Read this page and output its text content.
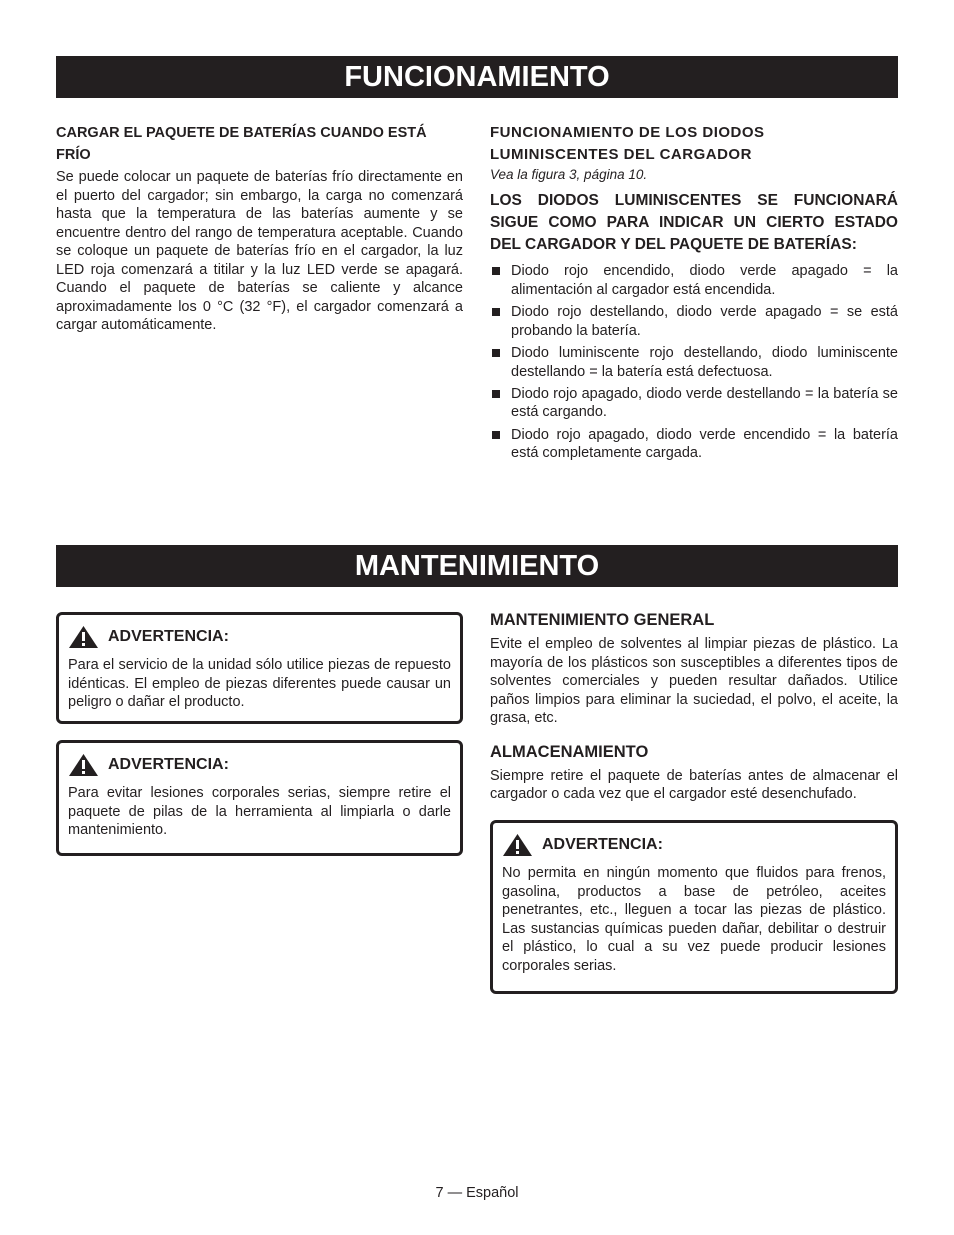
FUNCIONAMIENTO

CARGAR EL PAQUETE DE BATERÍAS CUANDO ESTÁ FRÍO

Se puede colocar un paquete de baterías frío directamente en el puerto del cargador; sin embargo, la carga no comenzará hasta que la temperatura de las baterías aumente y se encuentre dentro del rango de temperatura aceptable. Cuando se coloque un paquete de baterías frío en el cargador, la luz LED roja comenzará a titilar y la luz LED verde se apagará. Cuando el paquete de baterías se caliente y alcance aproximadamente los 0 °C (32 °F), el cargador comenzará a cargar automáticamente.

FUNCIONAMIENTO DE LOS DIODOS LUMINISCENTES DEL CARGADOR

Vea la figura 3, página 10.

LOS DIODOS LUMINISCENTES SE FUNCIONARÁ SIGUE COMO PARA INDICAR UN CIERTO ESTADO DEL CARGADOR Y DEL PAQUETE DE BATERÍAS:

Diodo rojo encendido, diodo verde apagado = la alimentación al cargador está encendida.
Diodo rojo destellando, diodo verde apagado = se está probando la batería.
Diodo luminiscente rojo destellando, diodo luminiscente destellando = la batería está defectuosa.
Diodo rojo apagado, diodo verde destellando = la batería se está cargando.
Diodo rojo apagado, diodo verde encendido = la batería está completamente cargada.
MANTENIMIENTO
ADVERTENCIA:

Para el servicio de la unidad sólo utilice piezas de repuesto idénticas. El empleo de piezas diferentes puede causar un peligro o dañar el producto.

ADVERTENCIA:

Para evitar lesiones corporales serias, siempre retire el paquete de pilas de la herramienta al limpiarla o darle mantenimiento.

MANTENIMIENTO GENERAL

Evite el empleo de solventes al limpiar piezas de plástico. La mayoría de los plásticos son susceptibles a diferentes tipos de solventes comerciales y pueden resultar dañados. Utilice paños limpios para eliminar la suciedad, el polvo, el aceite, la grasa, etc.

ALMACENAMIENTO

Siempre retire el paquete de baterías antes de almacenar el cargador o cada vez que el cargador esté desenchufado.

ADVERTENCIA:

No permita en ningún momento que fluidos para frenos, gasolina, productos a base de petróleo, aceites penetrantes, etc., lleguen a tocar las piezas de plástico. Las sustancias químicas pueden dañar, debilitar o destruir el plástico, lo cual a su vez puede producir lesiones corporales serias.

7 — Español
